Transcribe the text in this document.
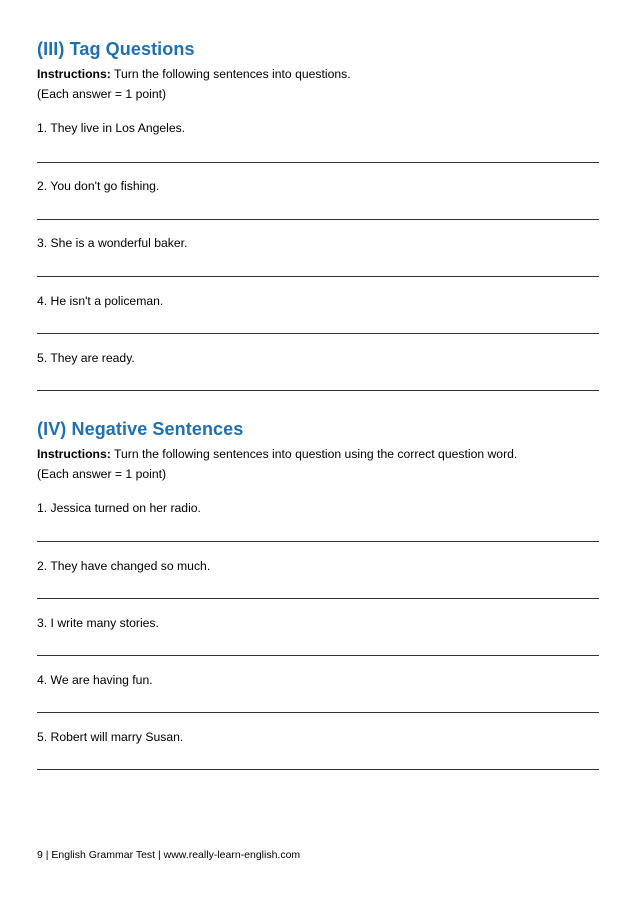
(III) Tag Questions

Instructions: Turn the following sentences into questions.

(Each answer = 1 point)

1. They live in Los Angeles.

2. You don't go fishing.

3. She is a wonderful baker.

4. He isn't a policeman.

5. They are ready.

(IV) Negative Sentences

Instructions: Turn the following sentences into question using the correct question word.

(Each answer = 1 point)

1. Jessica turned on her radio.

2. They have changed so much.

3. I write many stories.

4. We are having fun.

5. Robert will marry Susan.

9 | English Grammar Test | www.really-learn-english.com
